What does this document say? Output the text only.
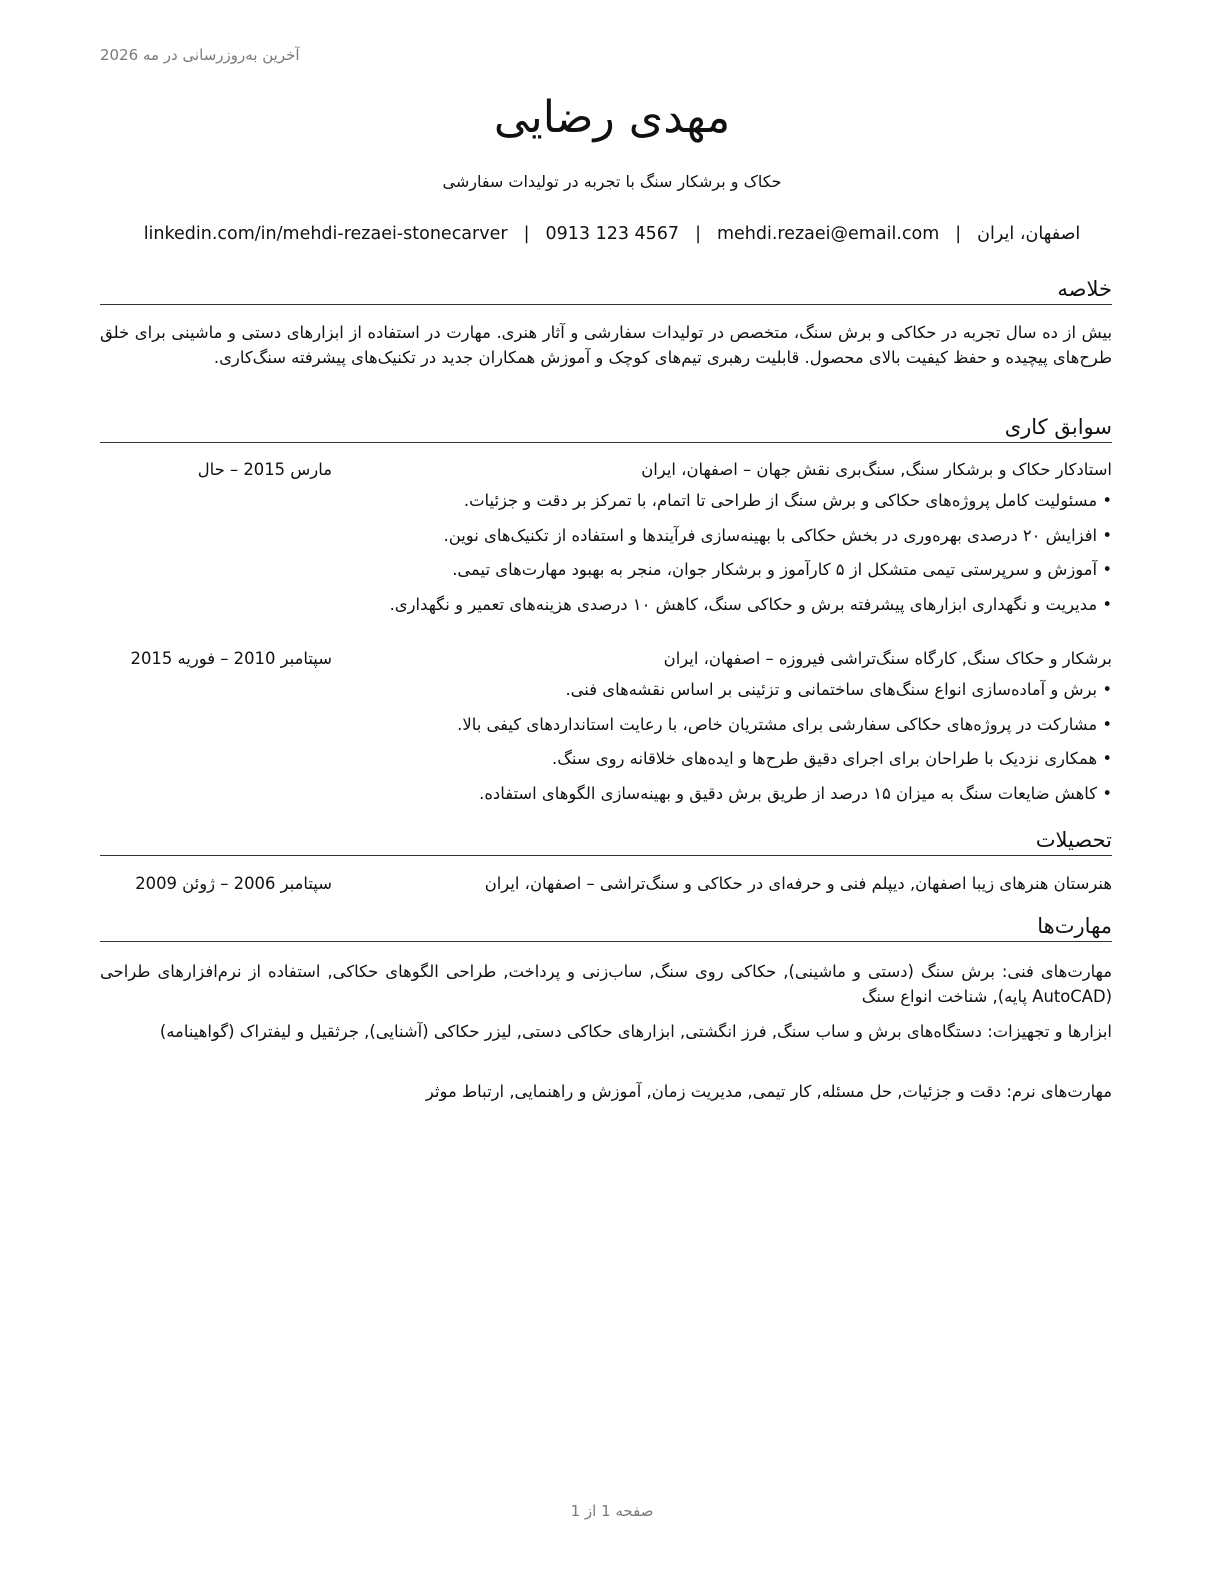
آخرین به‌روزرسانی در مه 2026
مهدی رضایی
حکاک و برشکار سنگ با تجربه در تولیدات سفارشی
اصفهان، ایران
|
mehdi.rezaei@email.com
|
0913 123 4567
|
linkedin.com/in/mehdi-rezaei-stonecarver
خلاصه
بیش از ده سال تجربه در حکاکی و برش سنگ، متخصص در تولیدات سفارشی و آثار هنری. مهارت در استفاده از ابزارهای دستی و ماشینی برای خلق طرح‌های پیچیده و حفظ کیفیت بالای محصول. قابلیت رهبری تیم‌های کوچک و آموزش همکاران جدید در تکنیک‌های پیشرفته سنگ‌کاری.
سوابق کاری
استادکار حکاک و برشکار سنگ, سنگ‌بری نقش جهان – اصفهان، ایران
مارس 2015 – حال
• مسئولیت کامل پروژه‌های حکاکی و برش سنگ از طراحی تا اتمام، با تمرکز بر دقت و جزئیات.
• افزایش ۲۰ درصدی بهره‌وری در بخش حکاکی با بهینه‌سازی فرآیندها و استفاده از تکنیک‌های نوین.
• آموزش و سرپرستی تیمی متشکل از ۵ کارآموز و برشکار جوان، منجر به بهبود مهارت‌های تیمی.
• مدیریت و نگهداری ابزارهای پیشرفته برش و حکاکی سنگ، کاهش ۱۰ درصدی هزینه‌های تعمیر و نگهداری.
برشکار و حکاک سنگ, کارگاه سنگ‌تراشی فیروزه – اصفهان، ایران
سپتامبر 2010 – فوریه 2015
• برش و آماده‌سازی انواع سنگ‌های ساختمانی و تزئینی بر اساس نقشه‌های فنی.
• مشارکت در پروژه‌های حکاکی سفارشی برای مشتریان خاص، با رعایت استانداردهای کیفی بالا.
• همکاری نزدیک با طراحان برای اجرای دقیق طرح‌ها و ایده‌های خلاقانه روی سنگ.
• کاهش ضایعات سنگ به میزان ۱۵ درصد از طریق برش دقیق و بهینه‌سازی الگوهای استفاده.
تحصیلات
هنرستان هنرهای زیبا اصفهان, دیپلم فنی و حرفه‌ای در حکاکی و سنگ‌تراشی – اصفهان، ایران
سپتامبر 2006 – ژوئن 2009
مهارت‌ها
مهارت‌های فنی: برش سنگ (دستی و ماشینی), حکاکی روی سنگ, ساب‌زنی و پرداخت, طراحی الگوهای حکاکی, استفاده از نرم‌افزارهای طراحی (AutoCAD پایه), شناخت انواع سنگ
ابزارها و تجهیزات: دستگاه‌های برش و ساب سنگ, فرز انگشتی, ابزارهای حکاکی دستی, لیزر حکاکی (آشنایی), جرثقیل و لیفتراک (گواهینامه)
مهارت‌های نرم: دقت و جزئیات, حل مسئله, کار تیمی, مدیریت زمان, آموزش و راهنمایی, ارتباط موثر
صفحه 1 از 1
